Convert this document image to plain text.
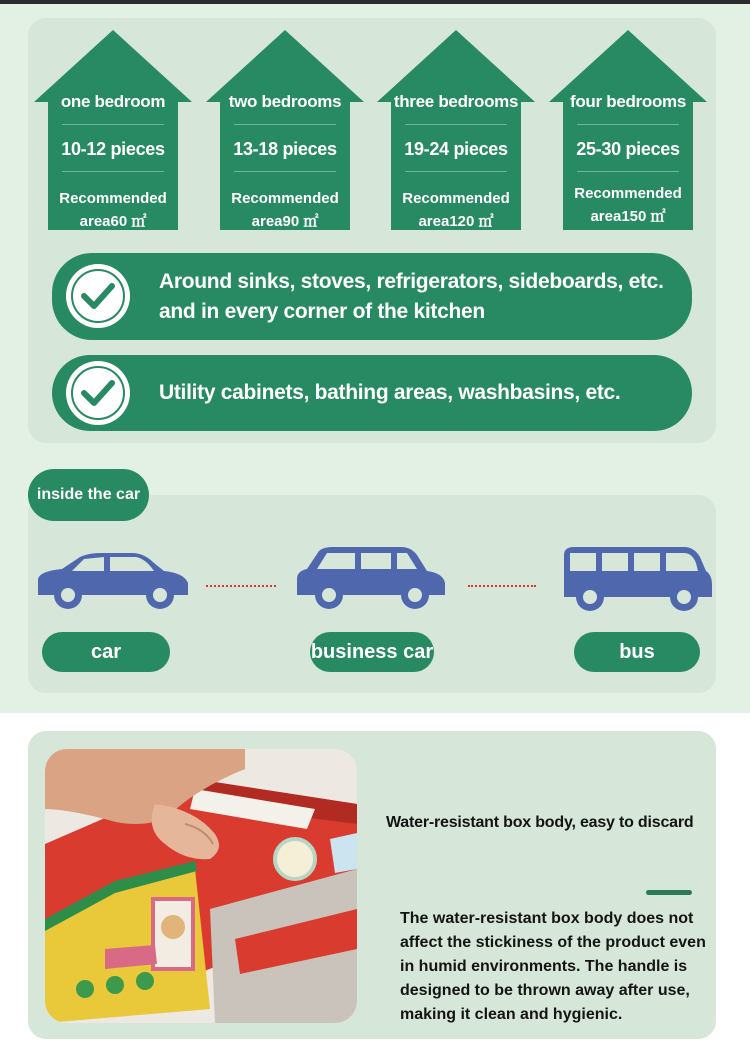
one bedroom
10-12 pieces
Recommended
area60 ㎡
two bedrooms
13-18 pieces
Recommended
area90 ㎡
three bedrooms
19-24 pieces
Recommended
area120 ㎡
four bedrooms
25-30 pieces
Recommended
area150 ㎡
Around sinks, stoves, refrigerators, sideboards, etc.
and in every corner of the kitchen
Utility cabinets, bathing areas, washbasins, etc.
car	business car	bus
inside the car
Water-resistant box body, easy to discard
The water-resistant box body does not affect the stickiness of the product even in humid environments. The handle is designed to be thrown away after use, making it clean and hygienic.
